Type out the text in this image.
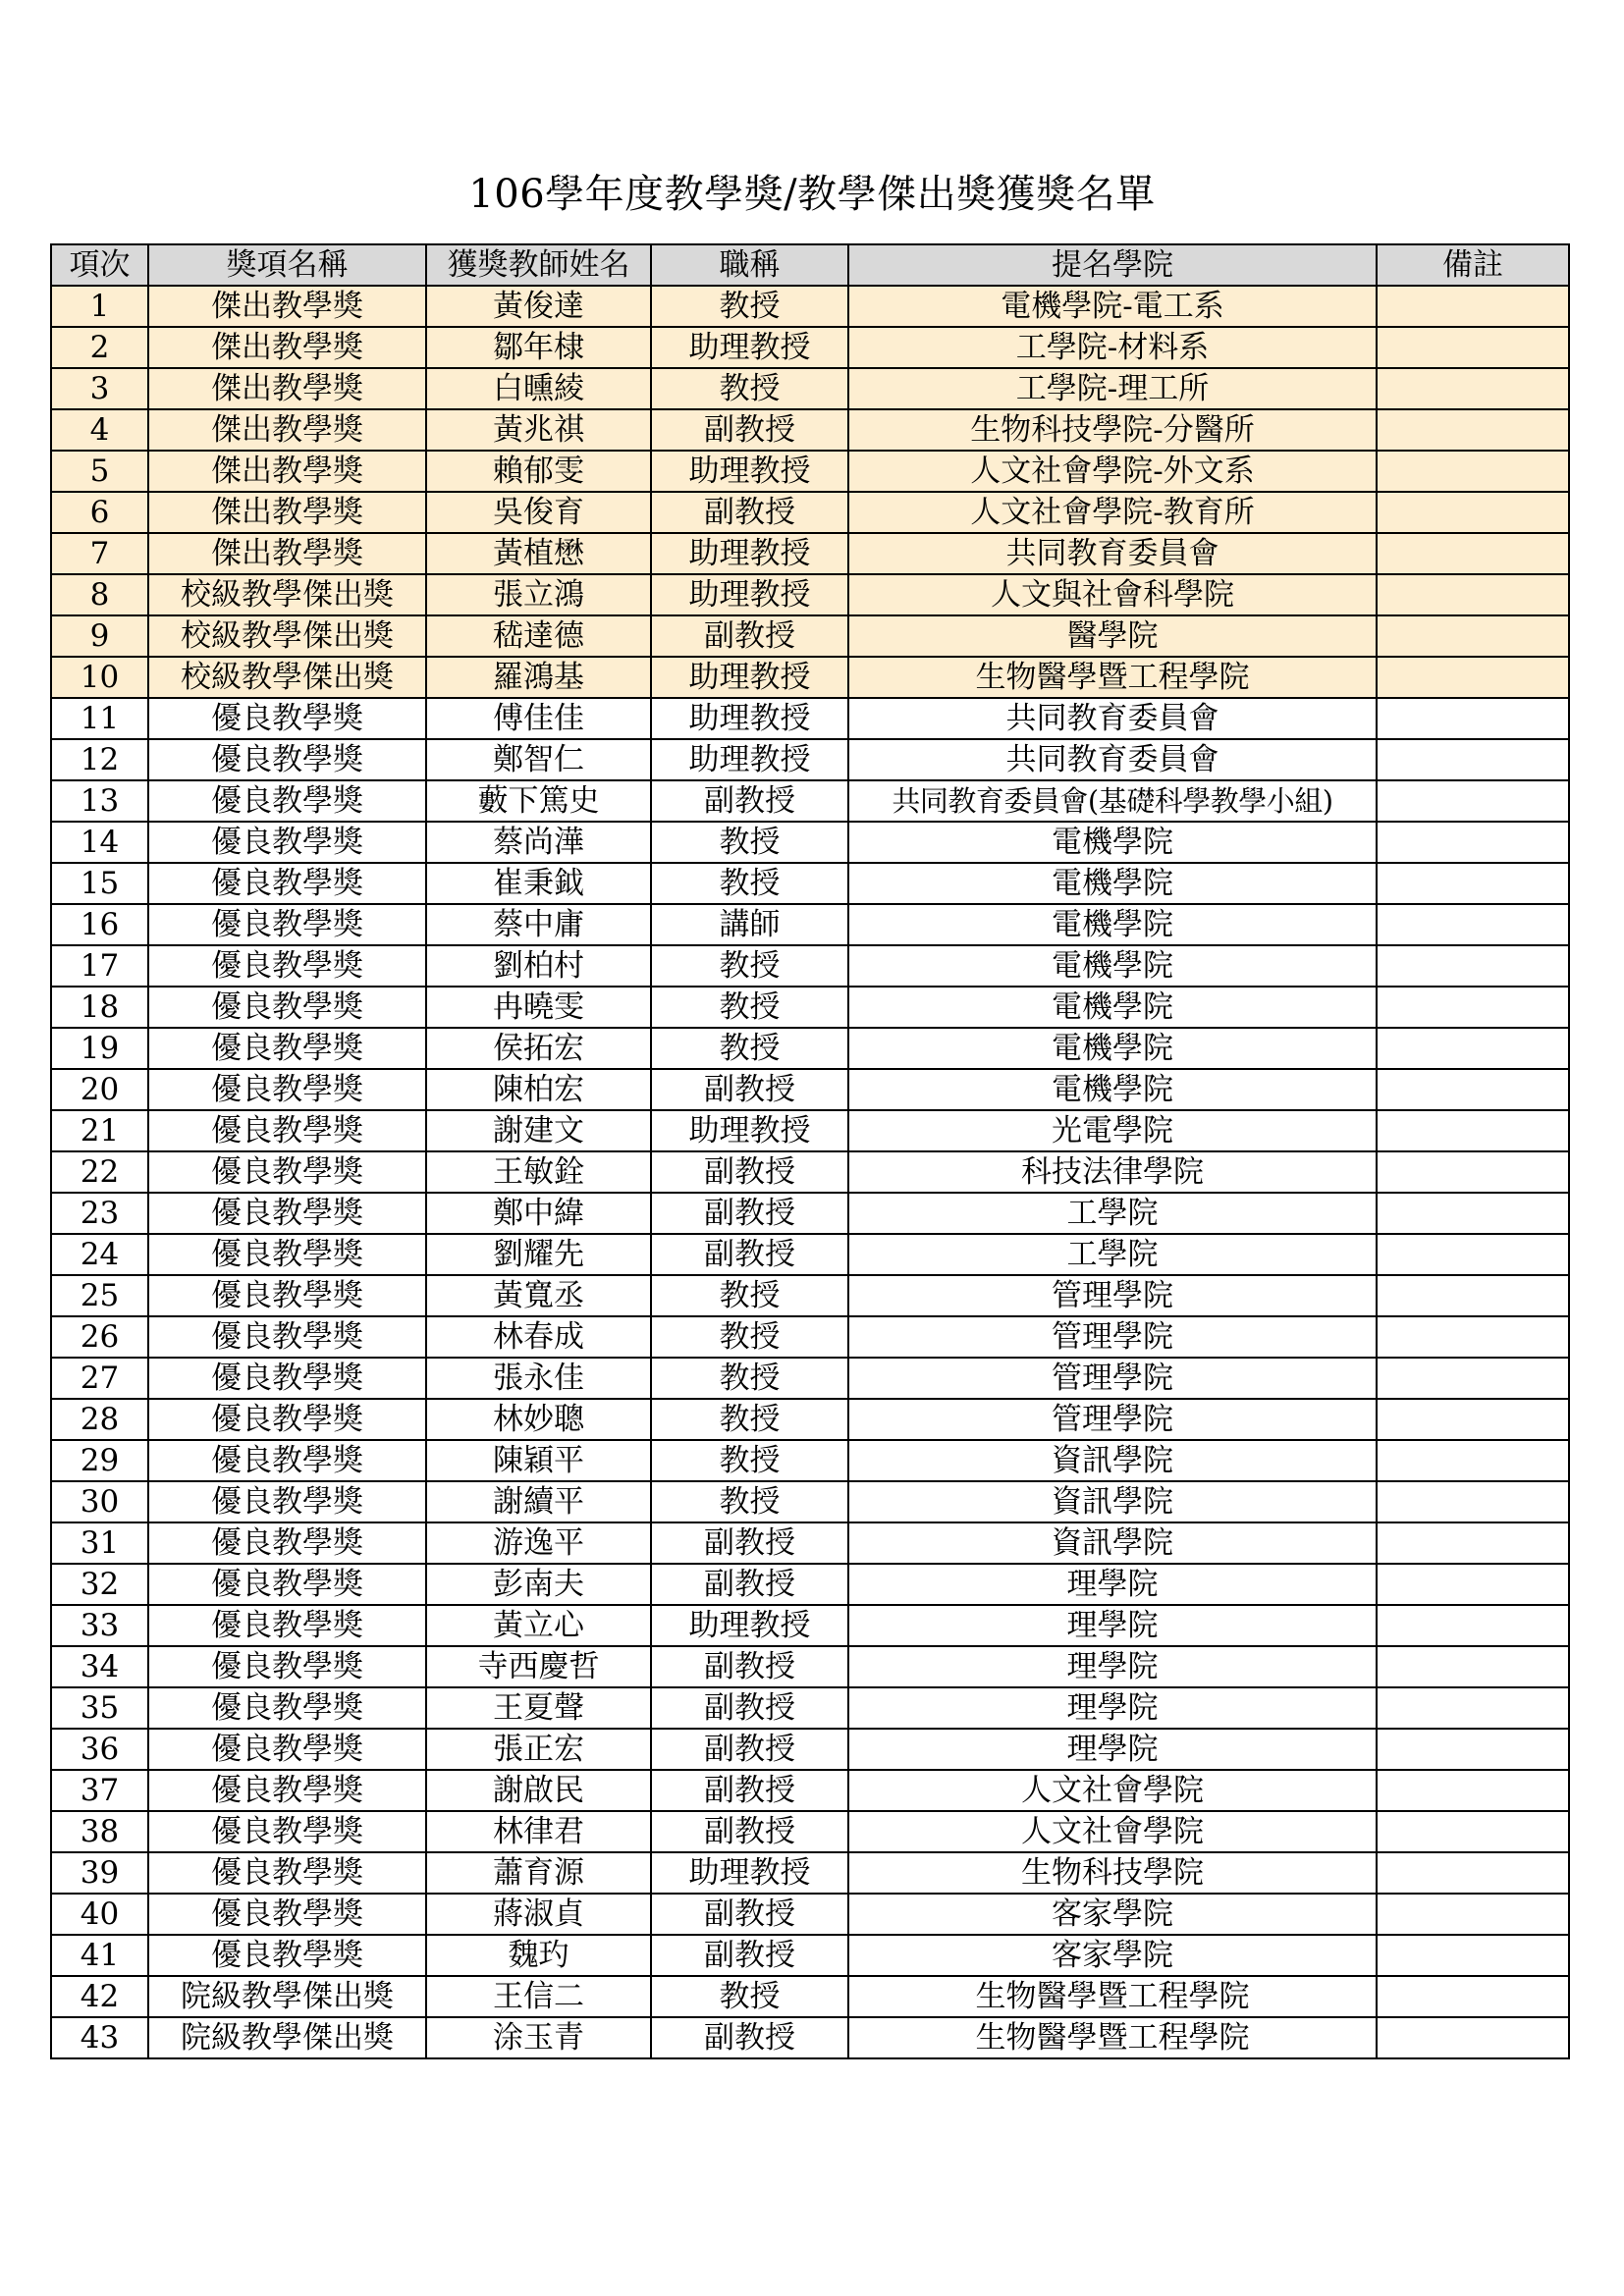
106學年度教學獎/教學傑出獎獲獎名單
項次	獎項名稱	獲獎教師姓名	職稱	提名學院	備註
1	傑出教學獎	黃俊達	教授	電機學院-電工系	
2	傑出教學獎	鄒年棣	助理教授	工學院-材料系	
3	傑出教學獎	白曛綾	教授	工學院-理工所	
4	傑出教學獎	黃兆祺	副教授	生物科技學院-分醫所	
5	傑出教學獎	賴郁雯	助理教授	人文社會學院-外文系	
6	傑出教學獎	吳俊育	副教授	人文社會學院-教育所	
7	傑出教學獎	黃植懋	助理教授	共同教育委員會	
8	校級教學傑出獎	張立鴻	助理教授	人文與社會科學院	
9	校級教學傑出獎	嵇達德	副教授	醫學院	
10	校級教學傑出獎	羅鴻基	助理教授	生物醫學暨工程學院	
11	優良教學獎	傅佳佳	助理教授	共同教育委員會	
12	優良教學獎	鄭智仁	助理教授	共同教育委員會	
13	優良教學獎	藪下篤史	副教授	共同教育委員會(基礎科學教學小組)	
14	優良教學獎	蔡尚澕	教授	電機學院	
15	優良教學獎	崔秉鉞	教授	電機學院	
16	優良教學獎	蔡中庸	講師	電機學院	
17	優良教學獎	劉柏村	教授	電機學院	
18	優良教學獎	冉曉雯	教授	電機學院	
19	優良教學獎	侯拓宏	教授	電機學院	
20	優良教學獎	陳柏宏	副教授	電機學院	
21	優良教學獎	謝建文	助理教授	光電學院	
22	優良教學獎	王敏銓	副教授	科技法律學院	
23	優良教學獎	鄭中緯	副教授	工學院	
24	優良教學獎	劉耀先	副教授	工學院	
25	優良教學獎	黃寬丞	教授	管理學院	
26	優良教學獎	林春成	教授	管理學院	
27	優良教學獎	張永佳	教授	管理學院	
28	優良教學獎	林妙聰	教授	管理學院	
29	優良教學獎	陳穎平	教授	資訊學院	
30	優良教學獎	謝續平	教授	資訊學院	
31	優良教學獎	游逸平	副教授	資訊學院	
32	優良教學獎	彭南夫	副教授	理學院	
33	優良教學獎	黃立心	助理教授	理學院	
34	優良教學獎	寺西慶哲	副教授	理學院	
35	優良教學獎	王夏聲	副教授	理學院	
36	優良教學獎	張正宏	副教授	理學院	
37	優良教學獎	謝啟民	副教授	人文社會學院	
38	優良教學獎	林律君	副教授	人文社會學院	
39	優良教學獎	蕭育源	助理教授	生物科技學院	
40	優良教學獎	蔣淑貞	副教授	客家學院	
41	優良教學獎	魏玓	副教授	客家學院	
42	院級教學傑出獎	王信二	教授	生物醫學暨工程學院	
43	院級教學傑出獎	涂玉青	副教授	生物醫學暨工程學院	
